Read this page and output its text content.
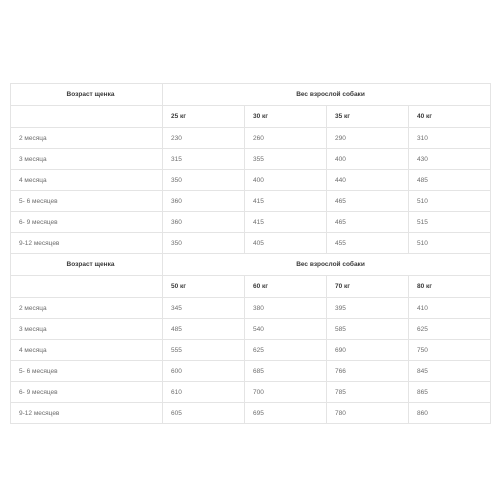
Возраст щенка	Вес взрослой собаки			
	25 кг	30 кг	35 кг	40 кг
2 месяца	230	260	290	310
3 месяца	315	355	400	430
4 месяца	350	400	440	485
5- 6 месяцев	360	415	465	510
6- 9 месяцев	360	415	465	515
9-12 месяцев	350	405	455	510
Возраст щенка	Вес взрослой собаки			
	50 кг	60 кг	70 кг	80 кг
2 месяца	345	380	395	410
3 месяца	485	540	585	625
4 месяца	555	625	690	750
5- 6 месяцев	600	685	766	845
6- 9 месяцев	610	700	785	865
9-12 месяцев	605	695	780	860
